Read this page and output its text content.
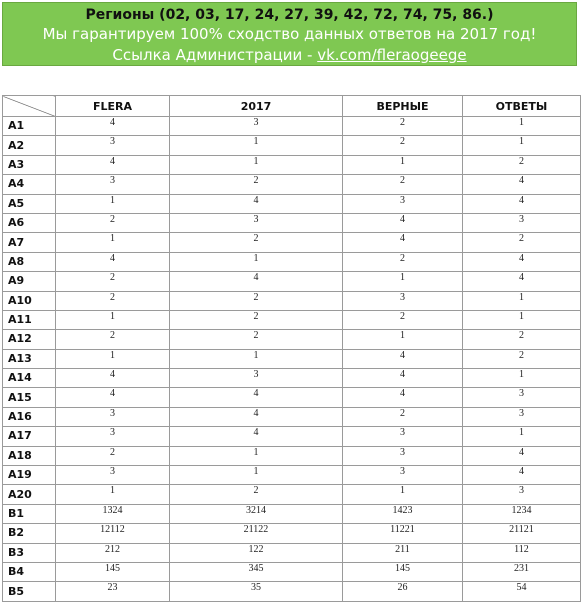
Регионы (02, 03, 17, 24, 27, 39, 42, 72, 74, 75, 86.)
Мы гарантируем 100% сходство данных ответов на 2017 год!
Ссылка Администрации - vk.com/fleraogeege
	FLERA	2017	ВЕРНЫЕ	ОТВЕТЫ
A1	4	3	2	1
A2	3	1	2	1
A3	4	1	1	2
A4	3	2	2	4
A5	1	4	3	4
A6	2	3	4	3
A7	1	2	4	2
A8	4	1	2	4
A9	2	4	1	4
A10	2	2	3	1
A11	1	2	2	1
A12	2	2	1	2
A13	1	1	4	2
A14	4	3	4	1
A15	4	4	4	3
A16	3	4	2	3
A17	3	4	3	1
A18	2	1	3	4
A19	3	1	3	4
A20	1	2	1	3
B1	1324	3214	1423	1234
B2	12112	21122	11221	21121
B3	212	122	211	112
B4	145	345	145	231
B5	23	35	26	54
